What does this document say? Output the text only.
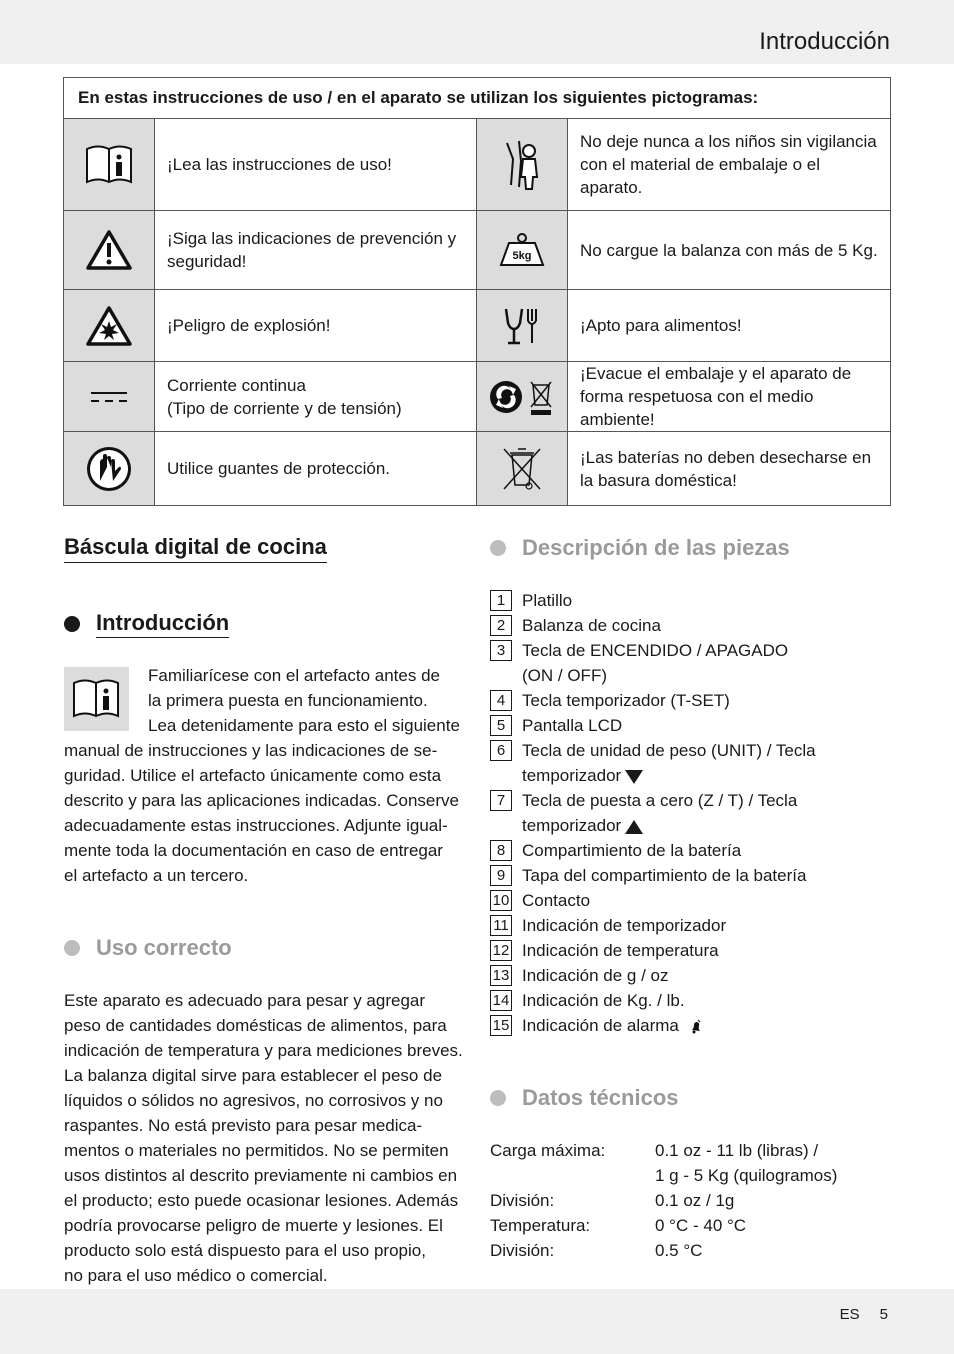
Introducción
En estas instrucciones de uso / en el aparato se utilizan los siguientes pictogramas:			

	¡Lea las instrucciones de uso!		No deje nunca a los niños sin vigilancia con el material de embalaje o el aparato.

	¡Siga las indicaciones de prevención y seguridad!	5kg	No cargue la balanza con más de 5 Kg.

	¡Peligro de explosión!		¡Apto para alimentos!

Corriente continua
(Tipo de corriente y de tensión)		¡Evacue el embalaje y el aparato de forma respetuosa con el medio ambiente!

	Utilice guantes de protección.		¡Las baterías no deben desecharse en la basura doméstica!
Báscula digital de cocina
Introducción
Familiarícese con el artefacto antes de
la primera puesta en funcionamiento.
Lea detenidamente para esto el siguiente
manual de instrucciones y las indicaciones de se-
guridad. Utilice el artefacto únicamente como esta
descrito y para las aplicaciones indicadas. Conserve
adecuadamente estas instrucciones. Adjunte igual-
mente toda la documentación en caso de entregar
el artefacto a un tercero.
Uso correcto
Este aparato es adecuado para pesar y agregar
peso de cantidades domésticas de alimentos, para
indicación de temperatura y para mediciones breves.
La balanza digital sirve para establecer el peso de
líquidos o sólidos no agresivos, no corrosivos y no
raspantes. No está previsto para pesar medica-
mentos o materiales no permitidos. No se permiten
usos distintos al descrito previamente ni cambios en
el producto; esto puede ocasionar lesiones. Además
podría provocarse peligro de muerte y lesiones. El
producto solo está dispuesto para el uso propio,
no para el uso médico o comercial.
Descripción de las piezas
1 Platillo
2 Balanza de cocina
3 Tecla de ENCENDIDO / APAGADO
(ON / OFF)
4 Tecla temporizador (T-SET)
5 Pantalla LCD
6 Tecla de unidad de peso (UNIT) / Tecla
temporizador
7 Tecla de puesta a cero (Z / T) / Tecla
temporizador
8 Compartimiento de la batería
9 Tapa del compartimiento de la batería
10 Contacto
11 Indicación de temporizador
12 Indicación de temperatura
13 Indicación de g / oz
14 Indicación de Kg. / lb.
15 Indicación de alarma
Datos técnicos
Carga máxima:	0.1 oz - 11 lb (libras) /
1 g - 5 Kg (quilogramos)
División:	0.1 oz / 1g
Temperatura:	0 °C - 40 °C
División:	0.5 °C
ES 5
